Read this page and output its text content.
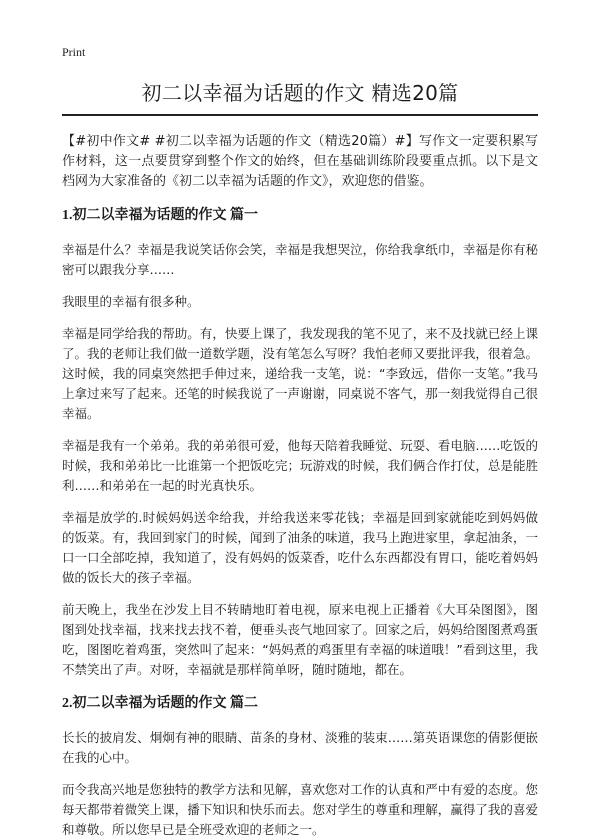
Print

初二以幸福为话题的作文 精选20篇

【#初中作文# #初二以幸福为话题的作文（精选20篇）#】写作文一定要积累写作材料，这一点要贯穿到整个作文的始终，但在基础训练阶段要重点抓。以下是文档网为大家准备的《初二以幸福为话题的作文》，欢迎您的借鉴。

1.初二以幸福为话题的作文 篇一

幸福是什么？幸福是我说笑话你会笑，幸福是我想哭泣，你给我拿纸巾，幸福是你有秘密可以跟我分享……

我眼里的幸福有很多种。

幸福是同学给我的帮助。有，快要上课了，我发现我的笔不见了，来不及找就已经上课了。我的老师让我们做一道数学题，没有笔怎么写呀？我怕老师又要批评我，很着急。这时候，我的同桌突然把手伸过来，递给我一支笔，说：“李致远，借你一支笔。”我马上拿过来写了起来。还笔的时候我说了一声谢谢，同桌说不客气，那一刻我觉得自己很幸福。

幸福是我有一个弟弟。我的弟弟很可爱，他每天陪着我睡觉、玩耍、看电脑……吃饭的时候，我和弟弟比一比谁第一个把饭吃完；玩游戏的时候，我们俩合作打仗，总是能胜利……和弟弟在一起的时光真快乐。

幸福是放学的.时候妈妈送伞给我，并给我送来零花钱；幸福是回到家就能吃到妈妈做的饭菜。有，我回到家门的时候，闻到了油条的味道，我马上跑进家里，拿起油条，一口一口全部吃掉，我知道了，没有妈妈的饭菜香，吃什么东西都没有胃口，能吃着妈妈做的饭长大的孩子幸福。

前天晚上，我坐在沙发上目不转睛地盯着电视，原来电视上正播着《大耳朵图图》，图图到处找幸福，找来找去找不着，便垂头丧气地回家了。回家之后，妈妈给图图煮鸡蛋吃，图图吃着鸡蛋，突然叫了起来：“妈妈煮的鸡蛋里有幸福的味道哦！”看到这里，我不禁笑出了声。对呀，幸福就是那样简单呀，随时随地，都在。

2.初二以幸福为话题的作文 篇二

长长的披肩发、炯炯有神的眼睛、苗条的身材、淡雅的装束……第英语课您的倩影便嵌在我的心中。

而令我高兴地是您独特的教学方法和见解，喜欢您对工作的认真和严中有爱的态度。您每天都带着微笑上课，播下知识和快乐而去。您对学生的尊重和理解，赢得了我的喜爱和尊敬。所以您早已是全班受欢迎的老师之一。
